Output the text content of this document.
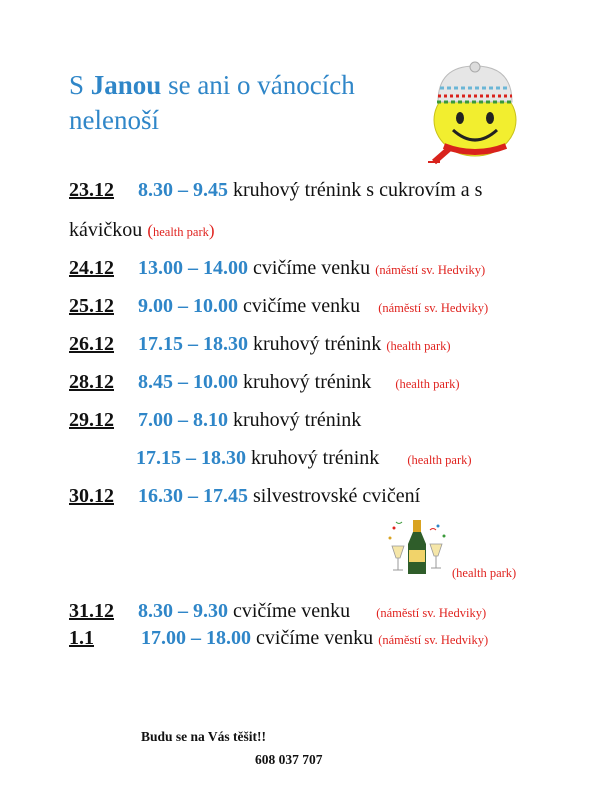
S Janou se ani o vánocích nelenoší
23.12 8.30 – 9.45 kruhový trénink s cukrovím a s
kávičkou (health park)
24.12 13.00 – 14.00 cvičíme venku (náměstí sv. Hedviky)
25.12 9.00 – 10.00 cvičíme venku (náměstí sv. Hedviky)
26.12 17.15 – 18.30 kruhový trénink (health park)
28.12 8.45 – 10.00 kruhový trénink (health park)
29.12 7.00 – 8.10 kruhový trénink
17.15 – 18.30 kruhový trénink (health park)
30.12 16.30 – 17.45 silvestrovské cvičení
(health park)
31.12 8.30 – 9.30 cvičíme venku (náměstí sv. Hedviky)
1.1 17.00 – 18.00 cvičíme venku (náměstí sv. Hedviky)
Budu se na Vás těšit!!
608 037 707
